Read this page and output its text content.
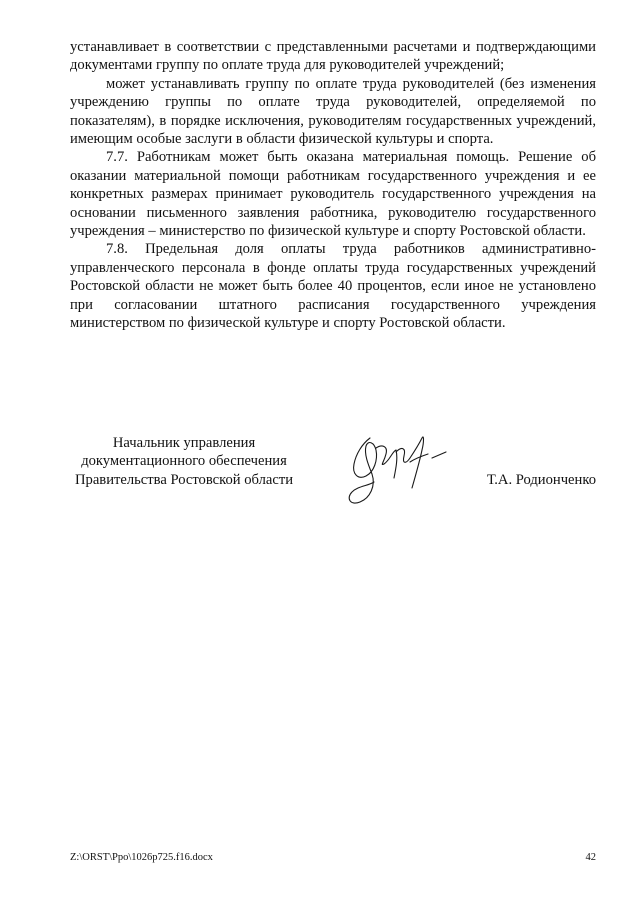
устанавливает в соответствии с представленными расчетами и подтверждающими документами группу по оплате труда для руководителей учреждений;

может устанавливать группу по оплате труда руководителей (без изменения учреждению группы по оплате труда руководителей, определяемой по показателям), в порядке исключения, руководителям государственных учреждений, имеющим особые заслуги в области физической культуры и спорта.

7.7. Работникам может быть оказана материальная помощь. Решение об оказании материальной помощи работникам государственного учреждения и ее конкретных размерах принимает руководитель государственного учреждения на основании письменного заявления работника, руководителю государственного учреждения – министерство по физической культуре и спорту Ростовской области.

7.8. Предельная доля оплаты труда работников административно-управленческого персонала в фонде оплаты труда государственных учреждений Ростовской области не может быть более 40 процентов, если иное не установлено при согласовании штатного расписания государственного учреждения министерством по физической культуре и спорту Ростовской области.

Начальник управления
документационного обеспечения
Правительства Ростовской области	Т.А. Родионченко
Z:\ORST\Ppo\1026p725.f16.docx	42
